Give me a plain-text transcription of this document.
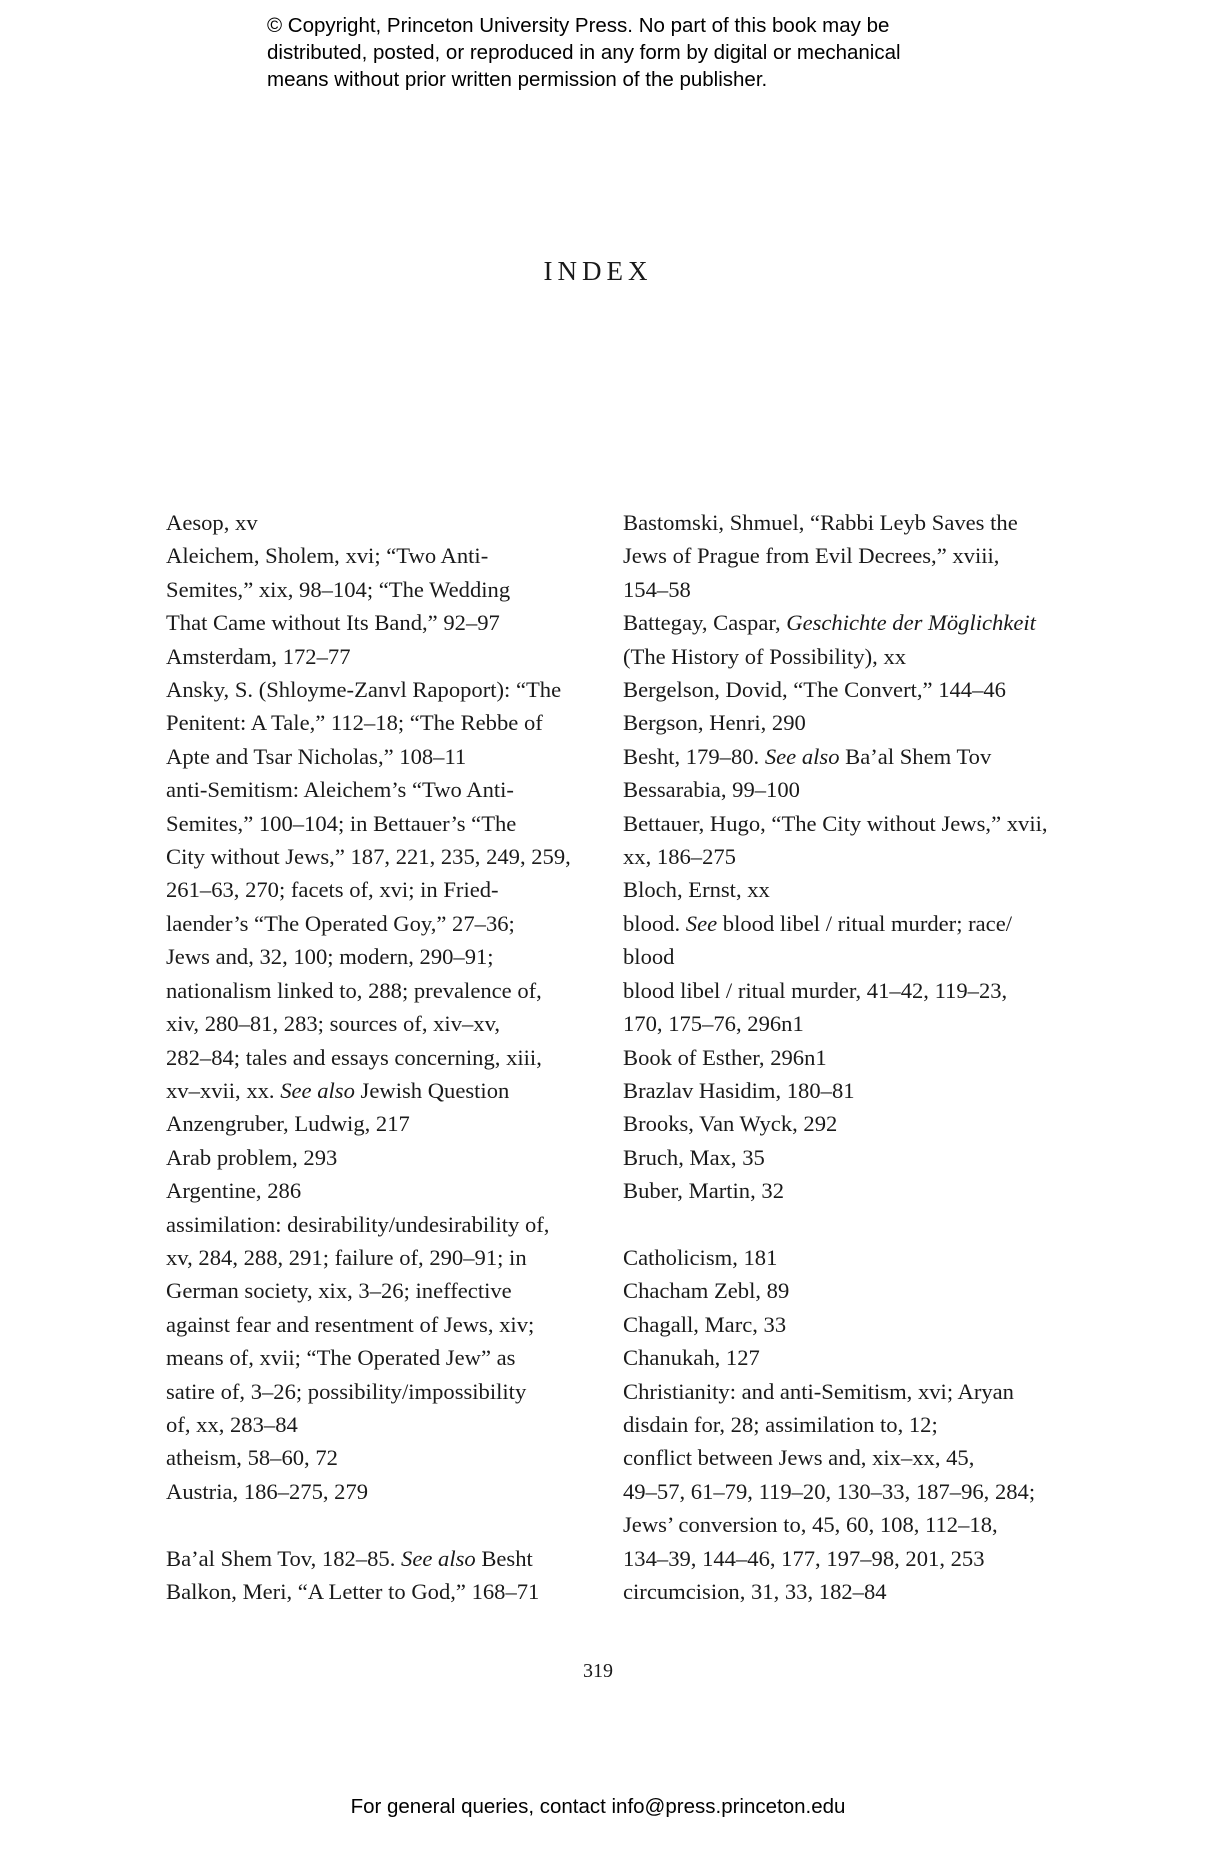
© Copyright, Princeton University Press. No part of this book may be
distributed, posted, or reproduced in any form by digital or mechanical
means without prior written permission of the publisher.
INDEX
Aesop, xv
Aleichem, Sholem, xvi; “Two Anti-
Semites,” xix, 98–104; “The Wedding
That Came without Its Band,” 92–97
Amsterdam, 172–77
Ansky, S. (Shloyme-Zanvl Rapoport): “The
Penitent: A Tale,” 112–18; “The Rebbe of
Apte and Tsar Nicholas,” 108–11
anti-Semitism: Aleichem’s “Two Anti-
Semites,” 100–104; in Bettauer’s “The
City without Jews,” 187, 221, 235, 249, 259,
261–63, 270; facets of, xvi; in Fried-
laender’s “The Operated Goy,” 27–36;
Jews and, 32, 100; modern, 290–91;
nationalism linked to, 288; prevalence of,
xiv, 280–81, 283; sources of, xiv–xv,
282–84; tales and essays concerning, xiii,
xv–xvii, xx. See also Jewish Question
Anzengruber, Ludwig, 217
Arab problem, 293
Argentine, 286
assimilation: desirability/undesirability of,
xv, 284, 288, 291; failure of, 290–91; in
German society, xix, 3–26; ineffective
against fear and resentment of Jews, xiv;
means of, xvii; “The Operated Jew” as
satire of, 3–26; possibility/impossibility
of, xx, 283–84
atheism, 58–60, 72
Austria, 186–275, 279
Ba’al Shem Tov, 182–85. See also Besht
Balkon, Meri, “A Letter to God,” 168–71
Bastomski, Shmuel, “Rabbi Leyb Saves the
Jews of Prague from Evil Decrees,” xviii,
154–58
Battegay, Caspar, Geschichte der Möglichkeit
(The History of Possibility), xx
Bergelson, Dovid, “The Convert,” 144–46
Bergson, Henri, 290
Besht, 179–80. See also Ba’al Shem Tov
Bessarabia, 99–100
Bettauer, Hugo, “The City without Jews,” xvii,
xx, 186–275
Bloch, Ernst, xx
blood. See blood libel / ritual murder; race/
blood
blood libel / ritual murder, 41–42, 119–23,
170, 175–76, 296n1
Book of Esther, 296n1
Brazlav Hasidim, 180–81
Brooks, Van Wyck, 292
Bruch, Max, 35
Buber, Martin, 32
Catholicism, 181
Chacham Zebl, 89
Chagall, Marc, 33
Chanukah, 127
Christianity: and anti-Semitism, xvi; Aryan
disdain for, 28; assimilation to, 12;
conflict between Jews and, xix–xx, 45,
49–57, 61–79, 119–20, 130–33, 187–96, 284;
Jews’ conversion to, 45, 60, 108, 112–18,
134–39, 144–46, 177, 197–98, 201, 253
circumcision, 31, 33, 182–84
319
For general queries, contact info@press.princeton.edu
